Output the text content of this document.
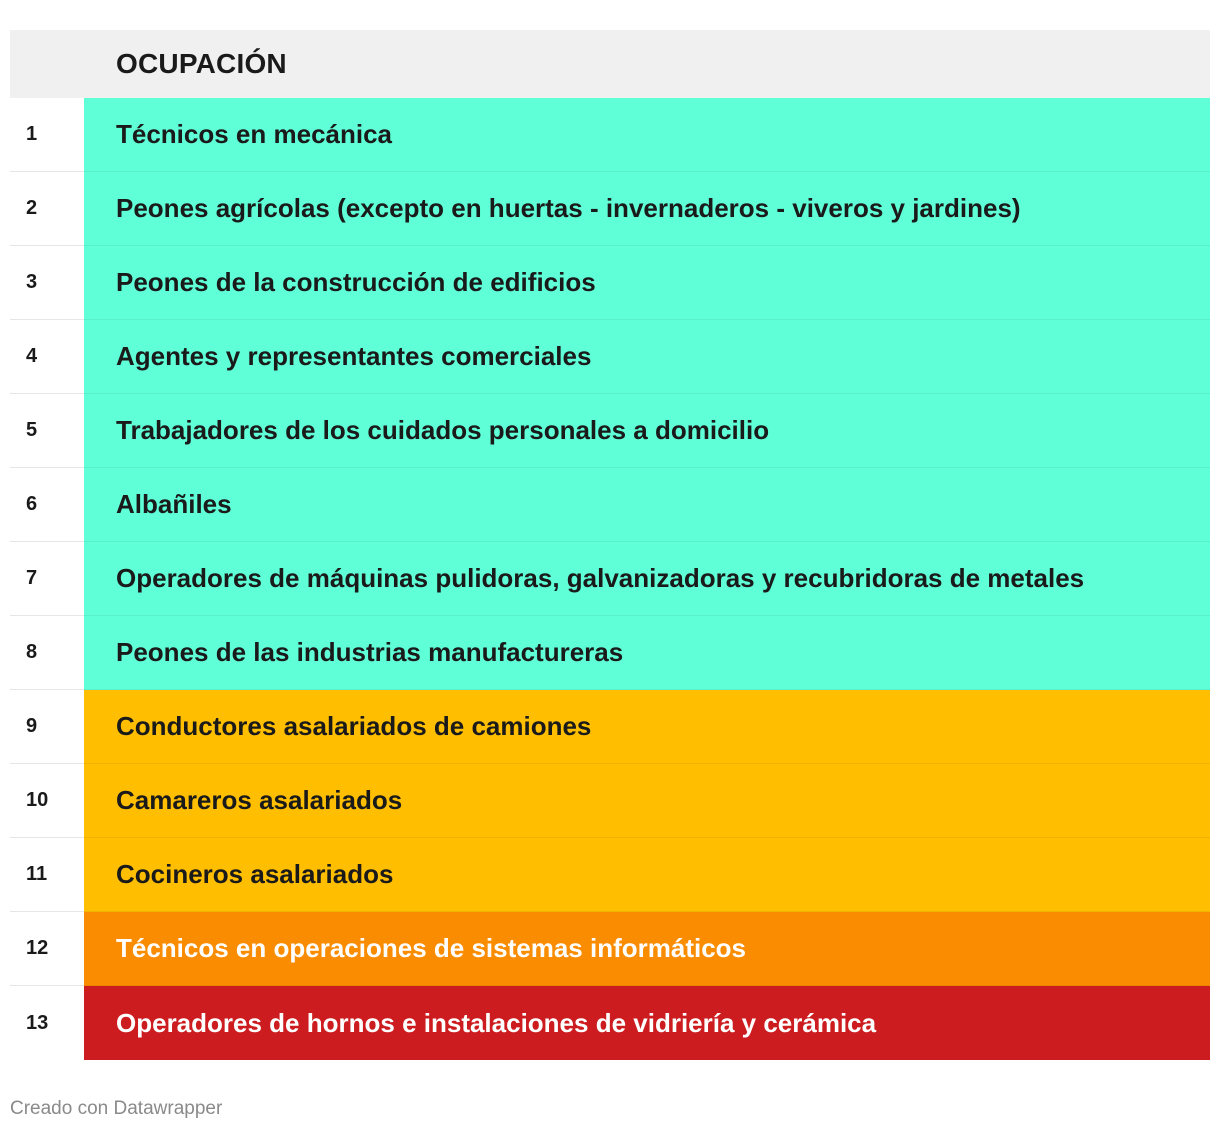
OCUPACIÓN
1	Técnicos en mecánica
2	Peones agrícolas (excepto en huertas - invernaderos - viveros y jardines)
3	Peones de la construcción de edificios
4	Agentes y representantes comerciales
5	Trabajadores de los cuidados personales a domicilio
6	Albañiles
7	Operadores de máquinas pulidoras, galvanizadoras y recubridoras de metales
8	Peones de las industrias manufactureras
9	Conductores asalariados de camiones
10	Camareros asalariados
11	Cocineros asalariados
12	Técnicos en operaciones de sistemas informáticos
13	Operadores de hornos e instalaciones de vidriería y cerámica
Creado con Datawrapper
